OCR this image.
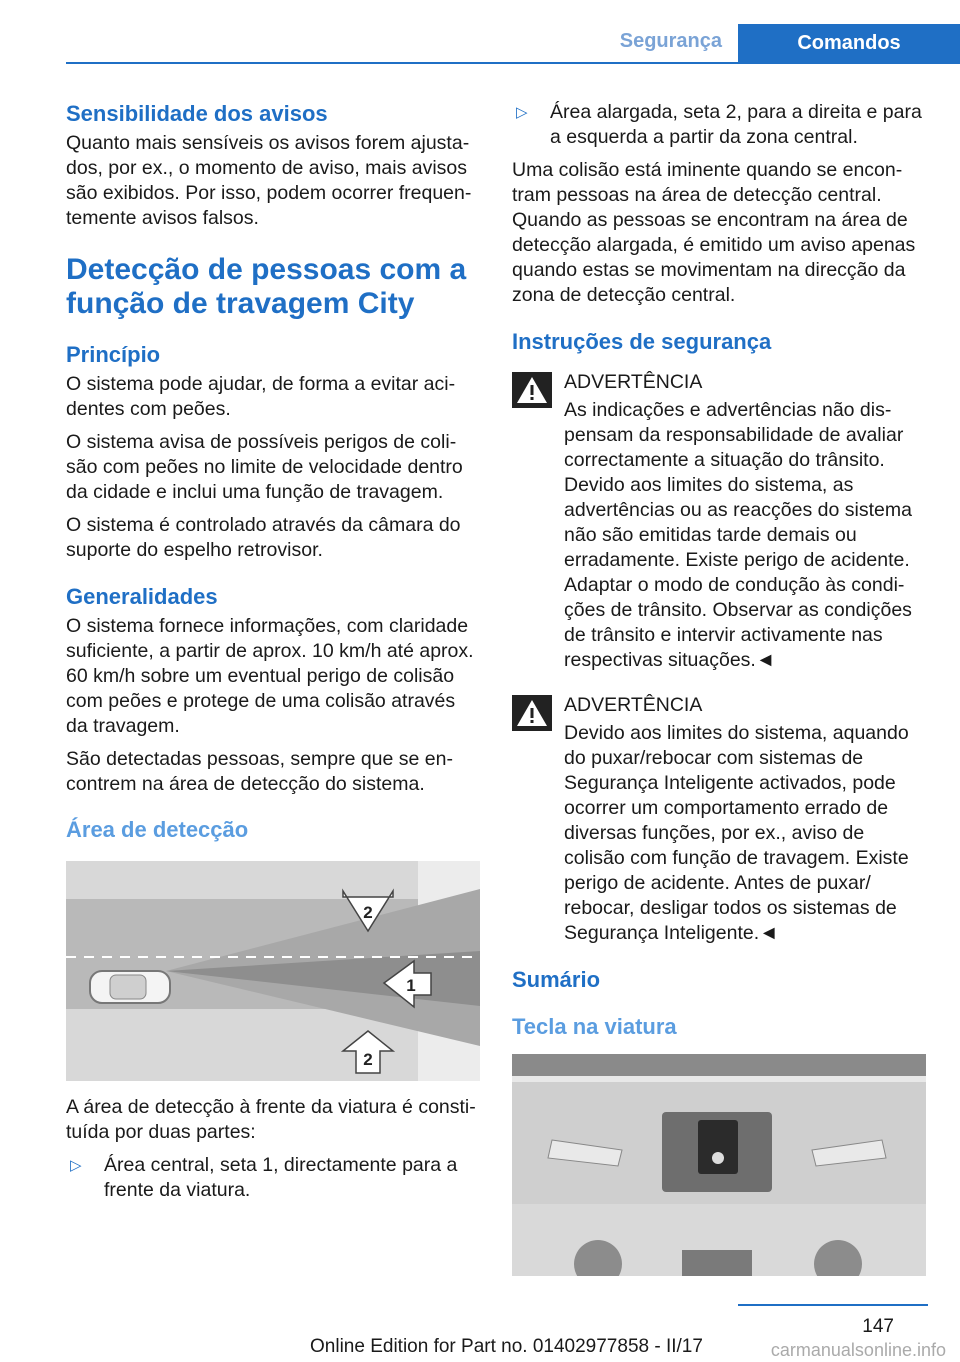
Segurança	Comandos
Sensibilidade dos avisos

Quanto mais sensíveis os avisos forem ajustados, por ex., o momento de aviso, mais avisos são exibidos. Por isso, podem ocorrer frequentemente avisos falsos.

Detecção de pessoas com a função de travagem City
Princípio

O sistema pode ajudar, de forma a evitar acidentes com peões.

O sistema avisa de possíveis perigos de colisão com peões no limite de velocidade dentro da cidade e inclui uma função de travagem.

O sistema é controlado através da câmara do suporte do espelho retrovisor.

Generalidades

O sistema fornece informações, com claridade suficiente, a partir de aprox. 10 km/h até aprox. 60 km/h sobre um eventual perigo de colisão com peões e protege de uma colisão através da travagem.

São detectadas pessoas, sempre que se encontrem na área de detecção do sistema.

Área de detecção
2
1
2

A área de detecção à frente da viatura é constituída por duas partes:

▷	Área central, seta 1, directamente para a frente da viatura.
▷	Área alargada, seta 2, para a direita e para a esquerda a partir da zona central.

Uma colisão está iminente quando se encontram pessoas na área de detecção central. Quando as pessoas se encontram na área de detecção alargada, é emitido um aviso apenas quando estas se movimentam na direcção da zona de detecção central.

Instruções de segurança

ADVERTÊNCIA

As indicações e advertências não dispensam da responsabilidade de avaliar correctamente a situação do trânsito. Devido aos limites do sistema, as advertências ou as reacções do sistema não são emitidas tarde demais ou erradamente. Existe perigo de acidente. Adaptar o modo de condução às condições de trânsito. Observar as condições de trânsito e intervir activamente nas respectivas situações.◄

ADVERTÊNCIA

Devido aos limites do sistema, aquando do puxar/rebocar com sistemas de Segurança Inteligente activados, pode ocorrer um comportamento errado de diversas funções, por ex., aviso de colisão com função de travagem. Existe perigo de acidente. Antes de puxar/ rebocar, desligar todos os sistemas de Segurança Inteligente.◄

Sumário
Tecla na viatura
147
Online Edition for Part no. 01402977858 - II/17	carmanualsonline.info
